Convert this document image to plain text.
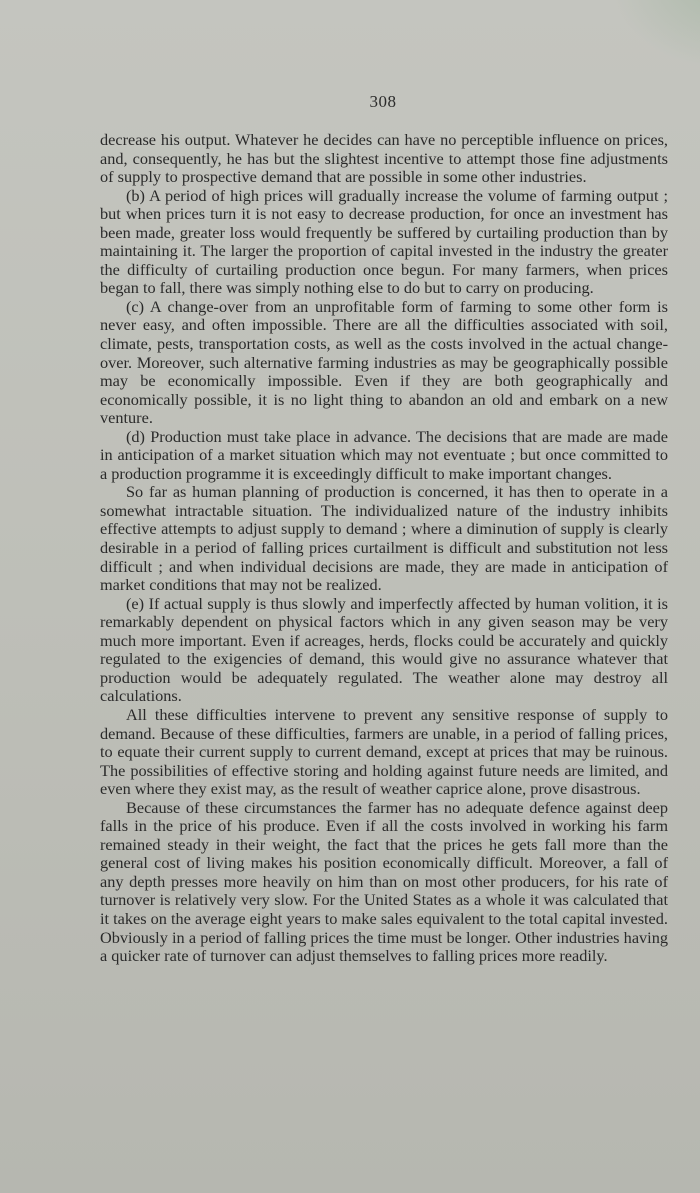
308

decrease his output. Whatever he decides can have no perceptible influence on prices, and, consequently, he has but the slightest incentive to attempt those fine adjustments of supply to prospective demand that are possible in some other industries.

(b) A period of high prices will gradually increase the volume of farming output ; but when prices turn it is not easy to decrease production, for once an investment has been made, greater loss would frequently be suffered by curtailing production than by maintaining it. The larger the proportion of capital invested in the industry the greater the difficulty of curtailing production once begun. For many farmers, when prices began to fall, there was simply nothing else to do but to carry on producing.

(c) A change-over from an unprofitable form of farming to some other form is never easy, and often impossible. There are all the difficulties associated with soil, climate, pests, transportation costs, as well as the costs involved in the actual change-over. Moreover, such alternative farming industries as may be geographically possible may be economically impossible. Even if they are both geographically and economically possible, it is no light thing to abandon an old and embark on a new venture.

(d) Production must take place in advance. The decisions that are made are made in anticipation of a market situation which may not eventuate ; but once committed to a production programme it is exceedingly difficult to make important changes.

So far as human planning of production is concerned, it has then to operate in a somewhat intractable situation. The individualized nature of the industry inhibits effective attempts to adjust supply to demand ; where a diminution of supply is clearly desirable in a period of falling prices curtailment is difficult and substitution not less difficult ; and when individual decisions are made, they are made in anticipation of market conditions that may not be realized.

(e) If actual supply is thus slowly and imperfectly affected by human volition, it is remarkably dependent on physical factors which in any given season may be very much more important. Even if acreages, herds, flocks could be accurately and quickly regulated to the exigencies of demand, this would give no assurance whatever that production would be adequately regulated. The weather alone may destroy all calculations.

All these difficulties intervene to prevent any sensitive response of supply to demand. Because of these difficulties, farmers are unable, in a period of falling prices, to equate their current supply to current demand, except at prices that may be ruinous. The possibilities of effective storing and holding against future needs are limited, and even where they exist may, as the result of weather caprice alone, prove disastrous.

Because of these circumstances the farmer has no adequate defence against deep falls in the price of his produce. Even if all the costs involved in working his farm remained steady in their weight, the fact that the prices he gets fall more than the general cost of living makes his position economically difficult. Moreover, a fall of any depth presses more heavily on him than on most other producers, for his rate of turnover is relatively very slow. For the United States as a whole it was calculated that it takes on the average eight years to make sales equivalent to the total capital invested. Obviously in a period of falling prices the time must be longer. Other industries having a quicker rate of turnover can adjust themselves to falling prices more readily.
